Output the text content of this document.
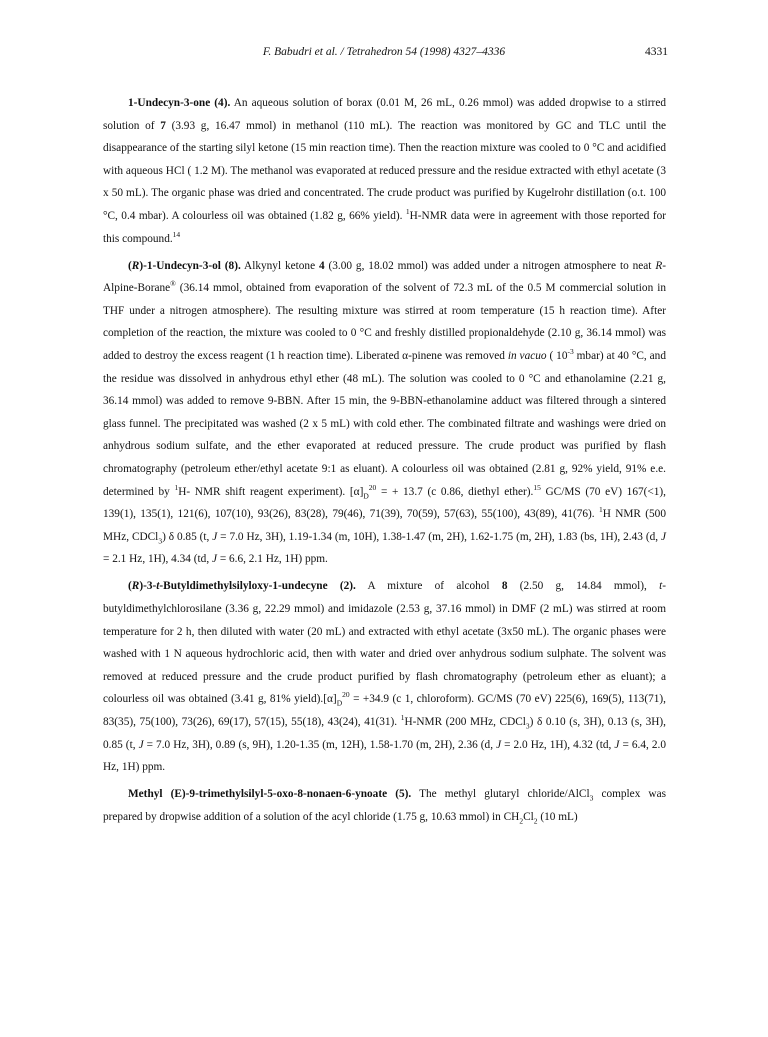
F. Babudri et al. / Tetrahedron 54 (1998) 4327–4336	4331

1-Undecyn-3-one (4). An aqueous solution of borax (0.01 M, 26 mL, 0.26 mmol) was added dropwise to a stirred solution of 7 (3.93 g, 16.47 mmol) in methanol (110 mL). The reaction was monitored by GC and TLC until the disappearance of the starting silyl ketone (15 min reaction time). Then the reaction mixture was cooled to 0 °C and acidified with aqueous HCl ( 1.2 M). The methanol was evaporated at reduced pressure and the residue extracted with ethyl acetate (3 x 50 mL). The organic phase was dried and concentrated. The crude product was purified by Kugelrohr distillation (o.t. 100 °C, 0.4 mbar). A colourless oil was obtained (1.82 g, 66% yield). $^1$H-NMR data were in agreement with those reported for this compound.$^{14}$

(R)-1-Undecyn-3-ol (8). Alkynyl ketone 4 (3.00 g, 18.02 mmol) was added under a nitrogen atmosphere to neat R-Alpine-Borane® (36.14 mmol, obtained from evaporation of the solvent of 72.3 mL of the 0.5 M commercial solution in THF under a nitrogen atmosphere). The resulting mixture was stirred at room temperature (15 h reaction time). After completion of the reaction, the mixture was cooled to 0 °C and freshly distilled propionaldehyde (2.10 g, 36.14 mmol) was added to destroy the excess reagent (1 h reaction time). Liberated α-pinene was removed in vacuo ( $10^{-3}$ mbar) at 40 °C, and the residue was dissolved in anhydrous ethyl ether (48 mL). The solution was cooled to 0 °C and ethanolamine (2.21 g, 36.14 mmol) was added to remove 9-BBN. After 15 min, the 9-BBN-ethanolamine adduct was filtered through a sintered glass funnel. The precipitated was washed (2 x 5 mL) with cold ether. The combinated filtrate and washings were dried on anhydrous sodium sulfate, and the ether evaporated at reduced pressure. The crude product was purified by flash chromatography (petroleum ether/ethyl acetate 9:1 as eluant). A colourless oil was obtained (2.81 g, 92% yield, 91% e.e. determined by $^1$H- NMR shift reagent experiment). $[\alpha]_D^{20}$ = + 13.7 (c 0.86, diethyl ether).$^{15}$ GC/MS (70 eV) 167(<1), 139(1), 135(1), 121(6), 107(10), 93(26), 83(28), 79(46), 71(39), 70(59), 57(63), 55(100), 43(89), 41(76). $^1$H NMR (500 MHz, CDCl$_3$) δ 0.85 (t, J = 7.0 Hz, 3H), 1.19-1.34 (m, 10H), 1.38-1.47 (m, 2H), 1.62-1.75 (m, 2H), 1.83 (bs, 1H), 2.43 (d, J = 2.1 Hz, 1H), 4.34 (td, J = 6.6, 2.1 Hz, 1H) ppm.

(R)-3-t-Butyldimethylsilyloxy-1-undecyne (2). A mixture of alcohol 8 (2.50 g, 14.84 mmol), t-butyldimethylchlorosilane (3.36 g, 22.29 mmol) and imidazole (2.53 g, 37.16 mmol) in DMF (2 mL) was stirred at room temperature for 2 h, then diluted with water (20 mL) and extracted with ethyl acetate (3x50 mL). The organic phases were washed with 1 N aqueous hydrochloric acid, then with water and dried over anhydrous sodium sulphate. The solvent was removed at reduced pressure and the crude product purified by flash chromatography (petroleum ether as eluant); a colourless oil was obtained (3.41 g, 81% $yield).[\alpha]_D^{20} = +34.9$ (c 1, chloroform). GC/MS (70 eV) 225(6), 169(5), 113(71), 83(35), 75(100), 73(26), 69(17), 57(15), 55(18), 43(24), 41(31). $^1$H-NMR (200 MHz, CDCl$_3$) δ 0.10 (s, 3H), 0.13 (s, 3H), 0.85 (t, J = 7.0 Hz, 3H), 0.89 (s, 9H), 1.20-1.35 (m, 12H), 1.58-1.70 (m, 2H), 2.36 (d, J = 2.0 Hz, 1H), 4.32 (td, J = 6.4, 2.0 Hz, 1H) ppm.

Methyl (E)-9-trimethylsilyl-5-oxo-8-nonaen-6-ynoate (5). The methyl glutaryl chloride/AlCl$_3$ complex was prepared by dropwise addition of a solution of the acyl chloride (1.75 g, 10.63 mmol) in $CH_2Cl_2$ (10 mL)
